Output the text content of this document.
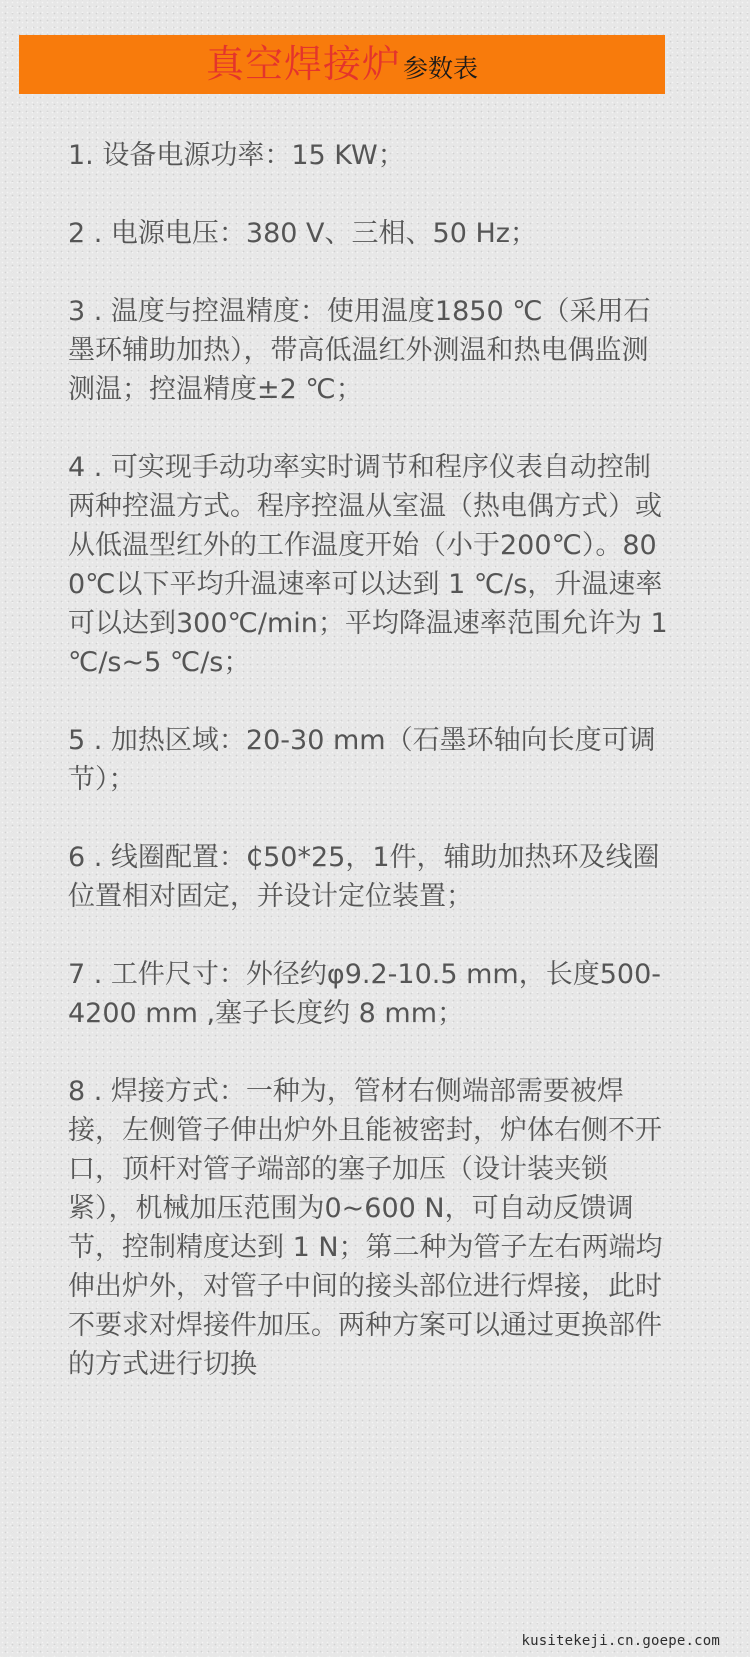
真空焊接炉参数表
1. 设备电源功率：15 KW；
2 . 电源电压：380 V、三相、50 Hz；
3 . 温度与控温精度：使用温度1850 ℃（采用石墨环辅助加热），带高低温红外测温和热电偶监测测温；控温精度±2 ℃；
4 . 可实现手动功率实时调节和程序仪表自动控制两种控温方式。程序控温从室温（热电偶方式）或从低温型红外的工作温度开始（小于200℃）。800℃以下平均升温速率可以达到 1 ℃/s，升温速率可以达到300℃/min；平均降温速率范围允许为 1 ℃/s~5 ℃/s；
5 . 加热区域：20-30 mm（石墨环轴向长度可调节）；
6 . 线圈配置：₵50*25，1件，辅助加热环及线圈位置相对固定，并设计定位装置；
7 . 工件尺寸：外径约φ9.2-10.5 mm，长度500-4200 mm ,塞子长度约 8 mm；
8 . 焊接方式：一种为，管材右侧端部需要被焊接，左侧管子伸出炉外且能被密封，炉体右侧不开口，顶杆对管子端部的塞子加压（设计装夹锁紧），机械加压范围为0~600 N，可自动反馈调节，控制精度达到 1 N；第二种为管子左右两端均伸出炉外，对管子中间的接头部位进行焊接，此时不要求对焊接件加压。两种方案可以通过更换部件的方式进行切换
kusitekeji.cn.goepe.com
